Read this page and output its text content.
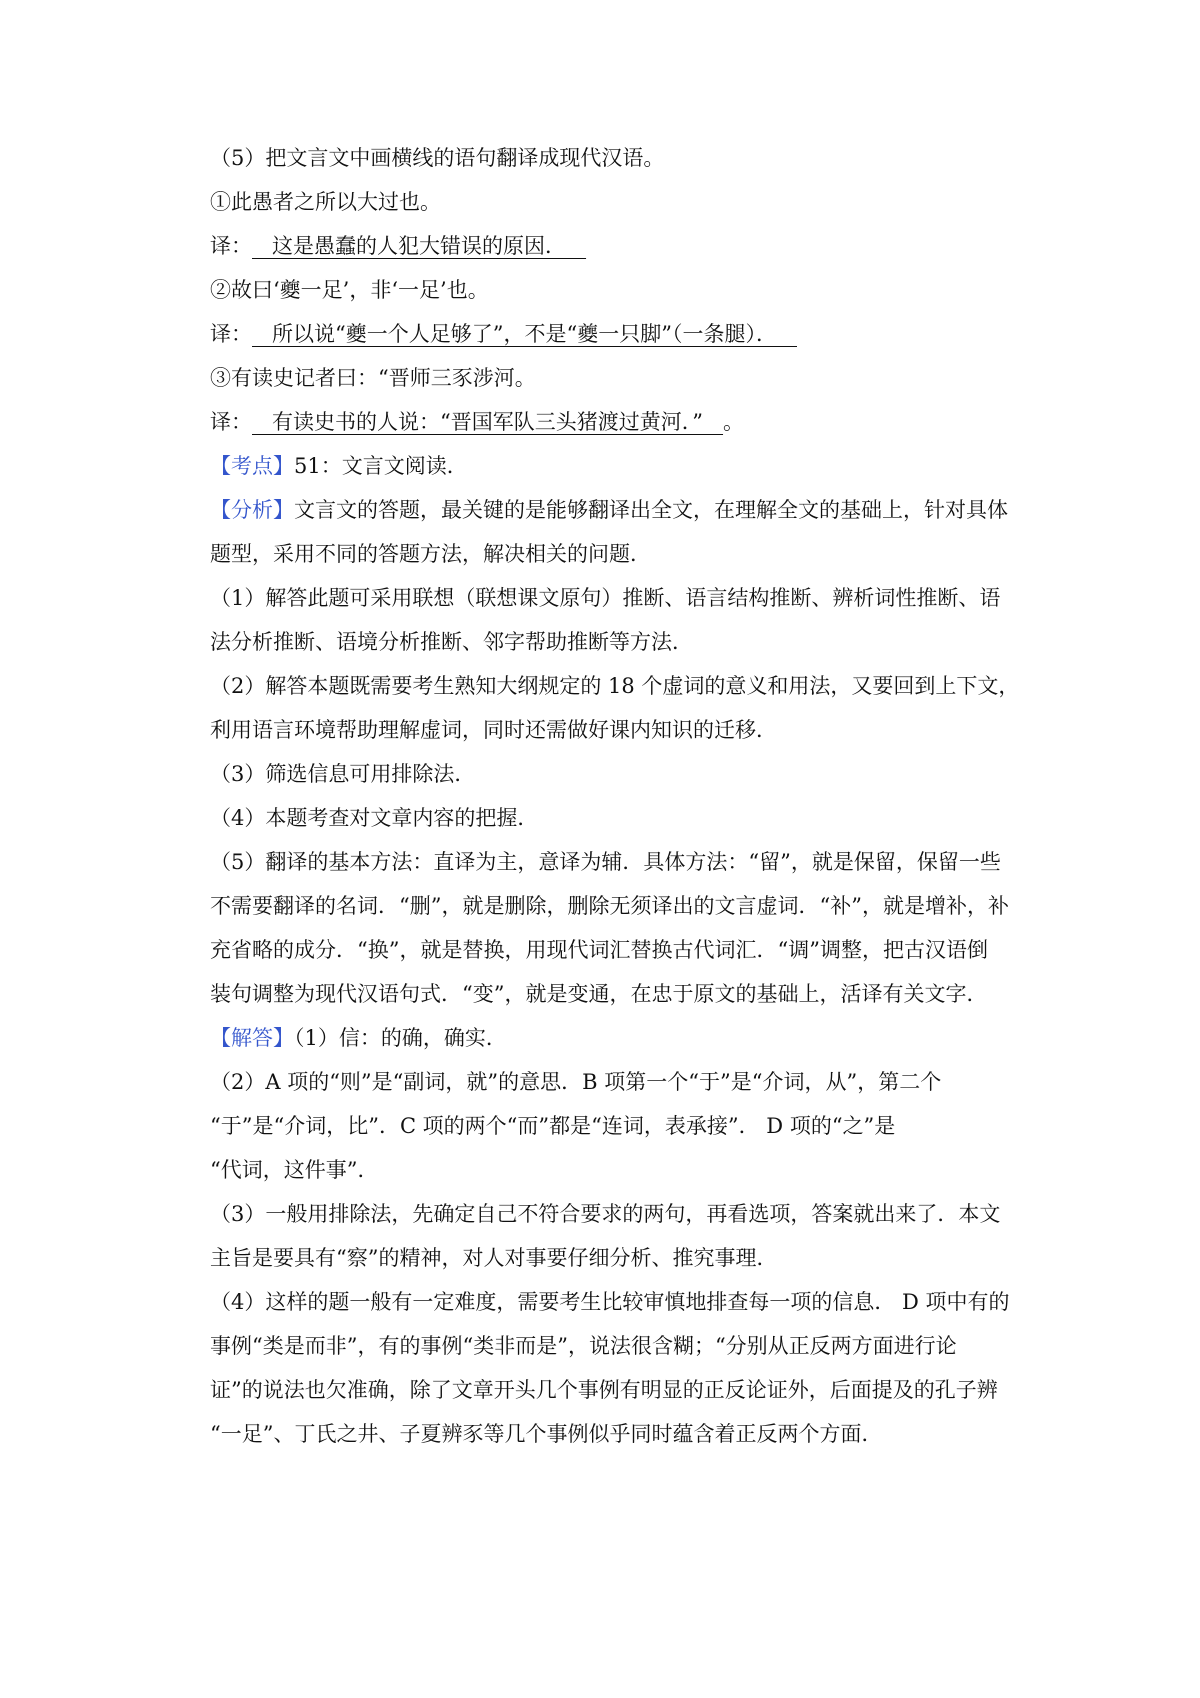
（5）把文言文中画横线的语句翻译成现代汉语。
①此愚者之所以大过也。
译：   这是愚蠢的人犯大错误的原因．
②故曰‘夔一足’，非‘一足’也。
译：   所以说“夔一个人足够了”，不是“夔一只脚”（一条腿）．
③有读史记者曰：“晋师三豕涉河。
译：   有读史书的人说：“晋国军队三头猪渡过黄河．”   。
【考点】51：文言文阅读．
【分析】文言文的答题，最关键的是能够翻译出全文，在理解全文的基础上，针对具体
题型，采用不同的答题方法，解决相关的问题．
（1）解答此题可采用联想（联想课文原句）推断、语言结构推断、辨析词性推断、语
法分析推断、语境分析推断、邻字帮助推断等方法．
（2）解答本题既需要考生熟知大纲规定的 18 个虚词的意义和用法，又要回到上下文，
利用语言环境帮助理解虚词，同时还需做好课内知识的迁移．
（3）筛选信息可用排除法．
（4）本题考查对文章内容的把握．
（5）翻译的基本方法：直译为主，意译为辅．具体方法：“留”，就是保留，保留一些
不需要翻译的名词．“删”，就是删除，删除无须译出的文言虚词．“补”，就是增补，补
充省略的成分．“换”，就是替换，用现代词汇替换古代词汇．“调”调整，把古汉语倒
装句调整为现代汉语句式．“变”，就是变通，在忠于原文的基础上，活译有关文字．
【解答】（1）信：的确，确实．
（2）A 项的“则”是“副词，就”的意思．B 项第一个“于”是“介词，从”，第二个
“于”是“介词，比”．C 项的两个“而”都是“连词，表承接”． D 项的“之”是
“代词，这件事”．
（3）一般用排除法，先确定自己不符合要求的两句，再看选项，答案就出来了．本文
主旨是要具有“察”的精神，对人对事要仔细分析、推究事理．
（4）这样的题一般有一定难度，需要考生比较审慎地排查每一项的信息． D 项中有的
事例“类是而非”，有的事例“类非而是”，说法很含糊；“分别从正反两方面进行论
证”的说法也欠准确，除了文章开头几个事例有明显的正反论证外，后面提及的孔子辨
“一足”、丁氏之井、子夏辨豕等几个事例似乎同时蕴含着正反两个方面．
